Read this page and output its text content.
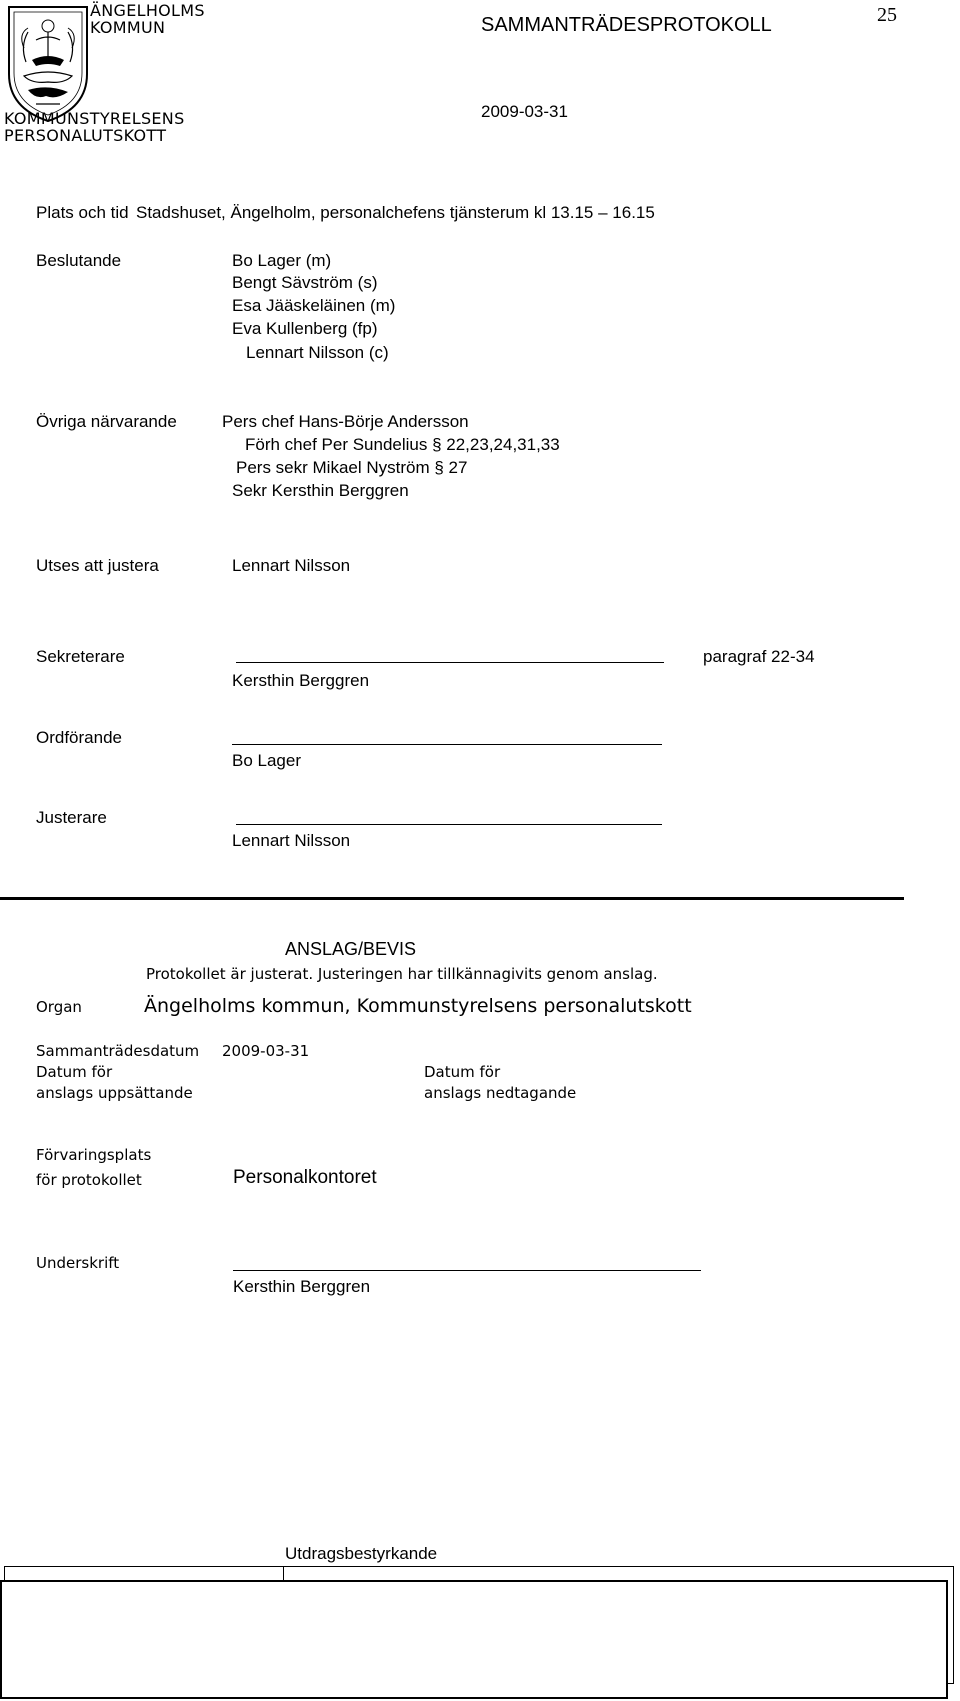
ÄNGELHOLMS
KOMMUN
KOMMUNSTYRELSENS
PERSONALUTSKOTT
SAMMANTRÄDESPROTOKOLL	25
2009-03-31
Plats och tid Stadshuset, Ängelholm, personalchefens tjänsterum kl 13.15 – 16.15
Beslutande	Bo Lager (m)
Bengt Sävström (s)
Esa Jääskeläinen (m)
Eva Kullenberg (fp)
Lennart Nilsson (c)
Övriga närvarande	Pers chef Hans-Börje Andersson
Förh chef Per Sundelius § 22,23,24,31,33
Pers sekr Mikael Nyström § 27
Sekr Kersthin Berggren
Utses att justera	Lennart Nilsson
Sekreterare	paragraf 22-34
Kersthin Berggren
Ordförande
Bo Lager
Justerare
Lennart Nilsson
ANSLAG/BEVIS
Protokollet är justerat. Justeringen har tillkännagivits genom anslag.
Organ	Ängelholms kommun, Kommunstyrelsens personalutskott
Sammanträdesdatum 2009-03-31
Datum för
anslags uppsättande
Datum för
anslags nedtagande
Förvaringsplats
för protokollet	Personalkontoret
Underskrift
Kersthin Berggren
Utdragsbestyrkande
